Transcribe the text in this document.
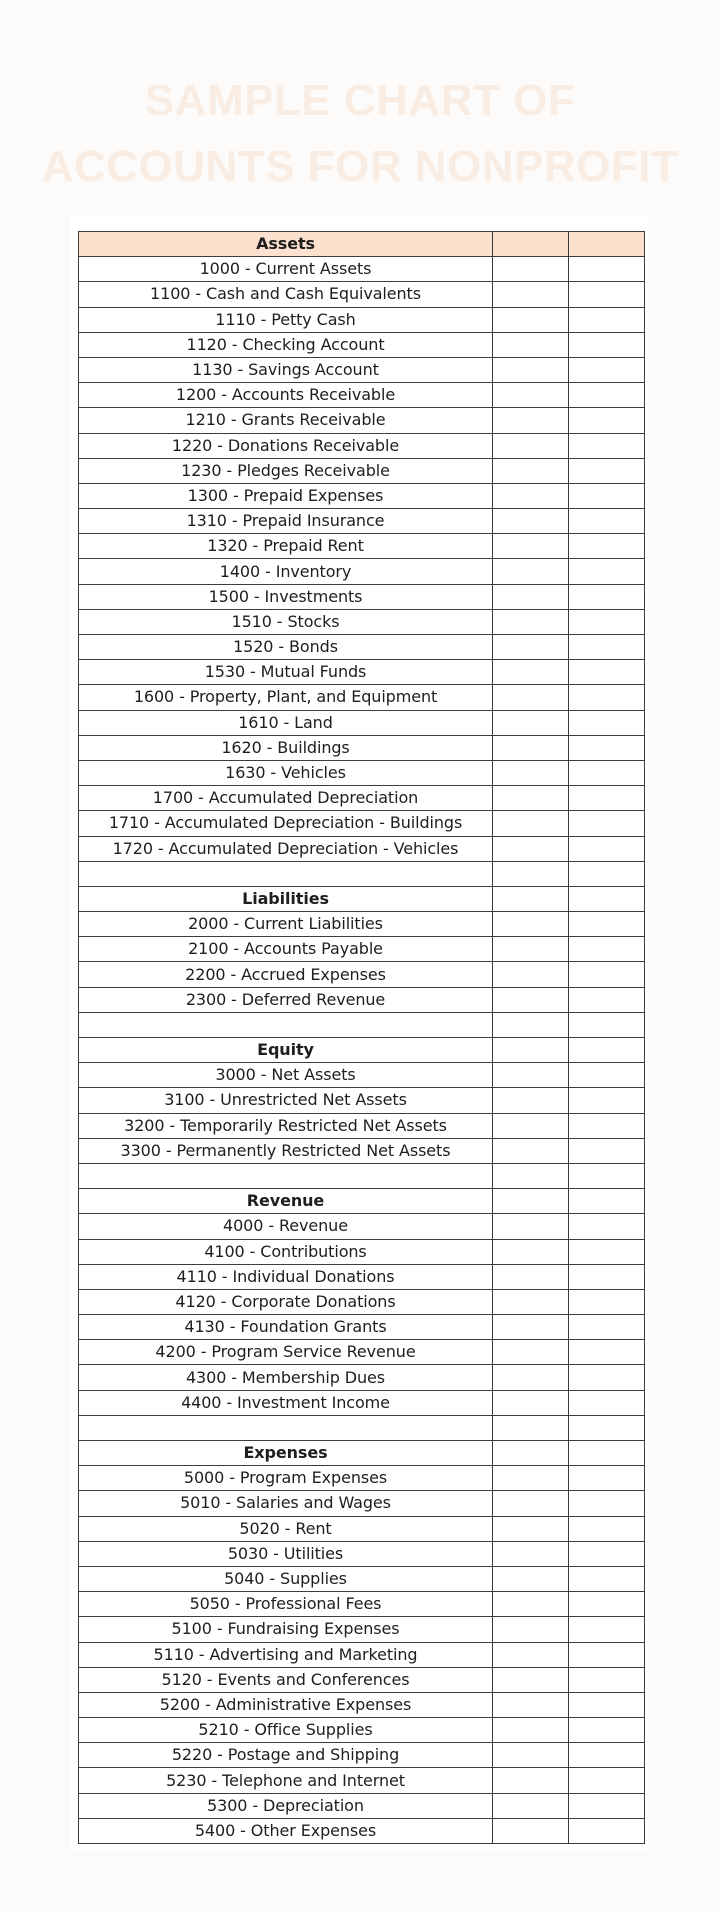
SAMPLE CHART OF
ACCOUNTS FOR NONPROFIT
Assets		
1000 - Current Assets		
1100 - Cash and Cash Equivalents		
1110 - Petty Cash		
1120 - Checking Account		
1130 - Savings Account		
1200 - Accounts Receivable		
1210 - Grants Receivable		
1220 - Donations Receivable		
1230 - Pledges Receivable		
1300 - Prepaid Expenses		
1310 - Prepaid Insurance		
1320 - Prepaid Rent		
1400 - Inventory		
1500 - Investments		
1510 - Stocks		
1520 - Bonds		
1530 - Mutual Funds		
1600 - Property, Plant, and Equipment		
1610 - Land		
1620 - Buildings		
1630 - Vehicles		
1700 - Accumulated Depreciation		
1710 - Accumulated Depreciation - Buildings		
1720 - Accumulated Depreciation - Vehicles		

Liabilities		
2000 - Current Liabilities		
2100 - Accounts Payable		
2200 - Accrued Expenses		
2300 - Deferred Revenue		

Equity		
3000 - Net Assets		
3100 - Unrestricted Net Assets		
3200 - Temporarily Restricted Net Assets		
3300 - Permanently Restricted Net Assets		

Revenue		
4000 - Revenue		
4100 - Contributions		
4110 - Individual Donations		
4120 - Corporate Donations		
4130 - Foundation Grants		
4200 - Program Service Revenue		
4300 - Membership Dues		
4400 - Investment Income		

Expenses		
5000 - Program Expenses		
5010 - Salaries and Wages		
5020 - Rent		
5030 - Utilities		
5040 - Supplies		
5050 - Professional Fees		
5100 - Fundraising Expenses		
5110 - Advertising and Marketing		
5120 - Events and Conferences		
5200 - Administrative Expenses		
5210 - Office Supplies		
5220 - Postage and Shipping		
5230 - Telephone and Internet		
5300 - Depreciation		
5400 - Other Expenses		
